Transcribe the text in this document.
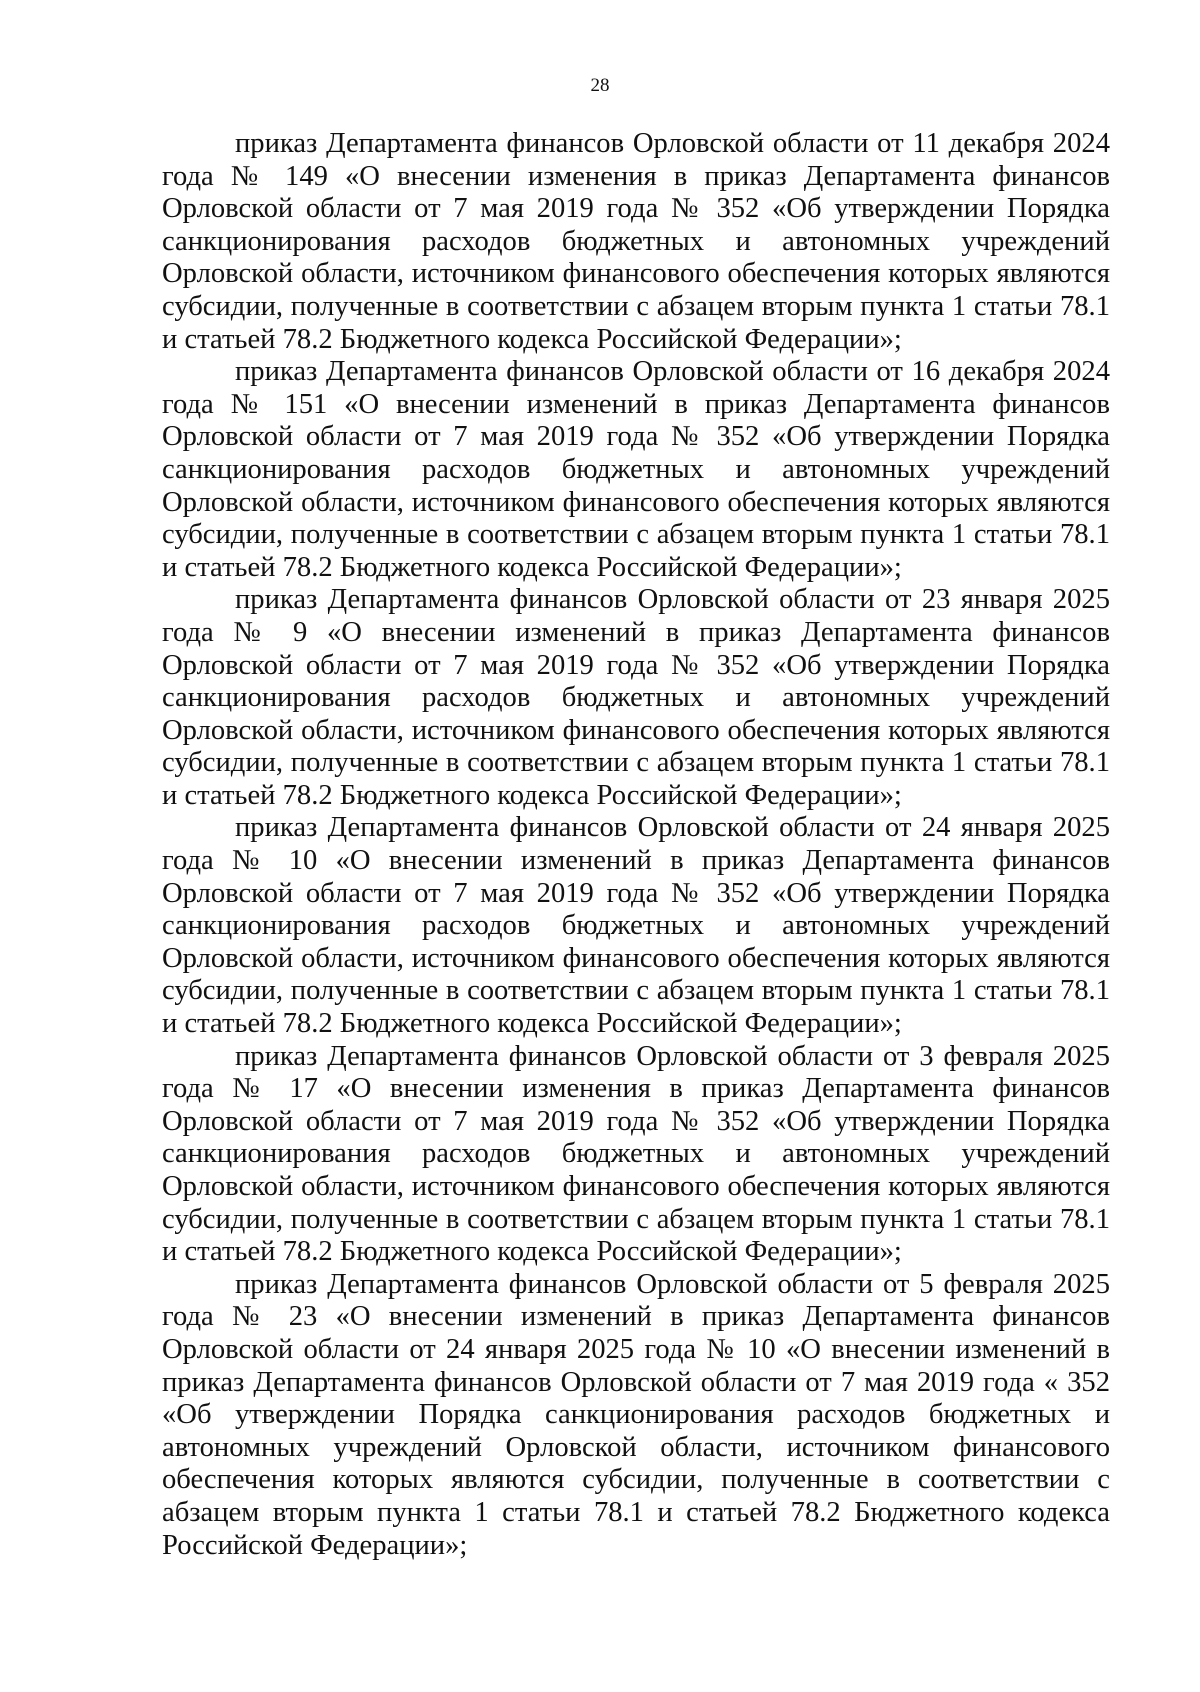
28

приказ Департамента финансов Орловской области от 11 декабря 2024 года № 149 «О внесении изменения в приказ Департамента финансов Орловской области от 7 мая 2019 года № 352 «Об утверждении Порядка санкционирования расходов бюджетных и автономных учреждений Орловской области, источником финансового обеспечения которых являются субсидии, полученные в соответствии с абзацем вторым пункта 1 статьи 78.1 и статьей 78.2 Бюджетного кодекса Российской Федерации»;

приказ Департамента финансов Орловской области от 16 декабря 2024 года № 151 «О внесении изменений в приказ Департамента финансов Орловской области от 7 мая 2019 года № 352 «Об утверждении Порядка санкционирования расходов бюджетных и автономных учреждений Орловской области, источником финансового обеспечения которых являются субсидии, полученные в соответствии с абзацем вторым пункта 1 статьи 78.1 и статьей 78.2 Бюджетного кодекса Российской Федерации»;

приказ Департамента финансов Орловской области от 23 января 2025 года № 9 «О внесении изменений в приказ Департамента финансов Орловской области от 7 мая 2019 года № 352 «Об утверждении Порядка санкционирования расходов бюджетных и автономных учреждений Орловской области, источником финансового обеспечения которых являются субсидии, полученные в соответствии с абзацем вторым пункта 1 статьи 78.1 и статьей 78.2 Бюджетного кодекса Российской Федерации»;

приказ Департамента финансов Орловской области от 24 января 2025 года № 10 «О внесении изменений в приказ Департамента финансов Орловской области от 7 мая 2019 года № 352 «Об утверждении Порядка санкционирования расходов бюджетных и автономных учреждений Орловской области, источником финансового обеспечения которых являются субсидии, полученные в соответствии с абзацем вторым пункта 1 статьи 78.1 и статьей 78.2 Бюджетного кодекса Российской Федерации»;

приказ Департамента финансов Орловской области от 3 февраля 2025 года № 17 «О внесении изменения в приказ Департамента финансов Орловской области от 7 мая 2019 года № 352 «Об утверждении Порядка санкционирования расходов бюджетных и автономных учреждений Орловской области, источником финансового обеспечения которых являются субсидии, полученные в соответствии с абзацем вторым пункта 1 статьи 78.1 и статьей 78.2 Бюджетного кодекса Российской Федерации»;

приказ Департамента финансов Орловской области от 5 февраля 2025 года № 23 «О внесении изменений в приказ Департамента финансов Орловской области от 24 января 2025 года № 10 «О внесении изменений в приказ Департамента финансов Орловской области от 7 мая 2019 года « 352 «Об утверждении Порядка санкционирования расходов бюджетных и автономных учреждений Орловской области, источником финансового обеспечения которых являются субсидии, полученные в соответствии с абзацем вторым пункта 1 статьи 78.1 и статьей 78.2 Бюджетного кодекса Российской Федерации»;
